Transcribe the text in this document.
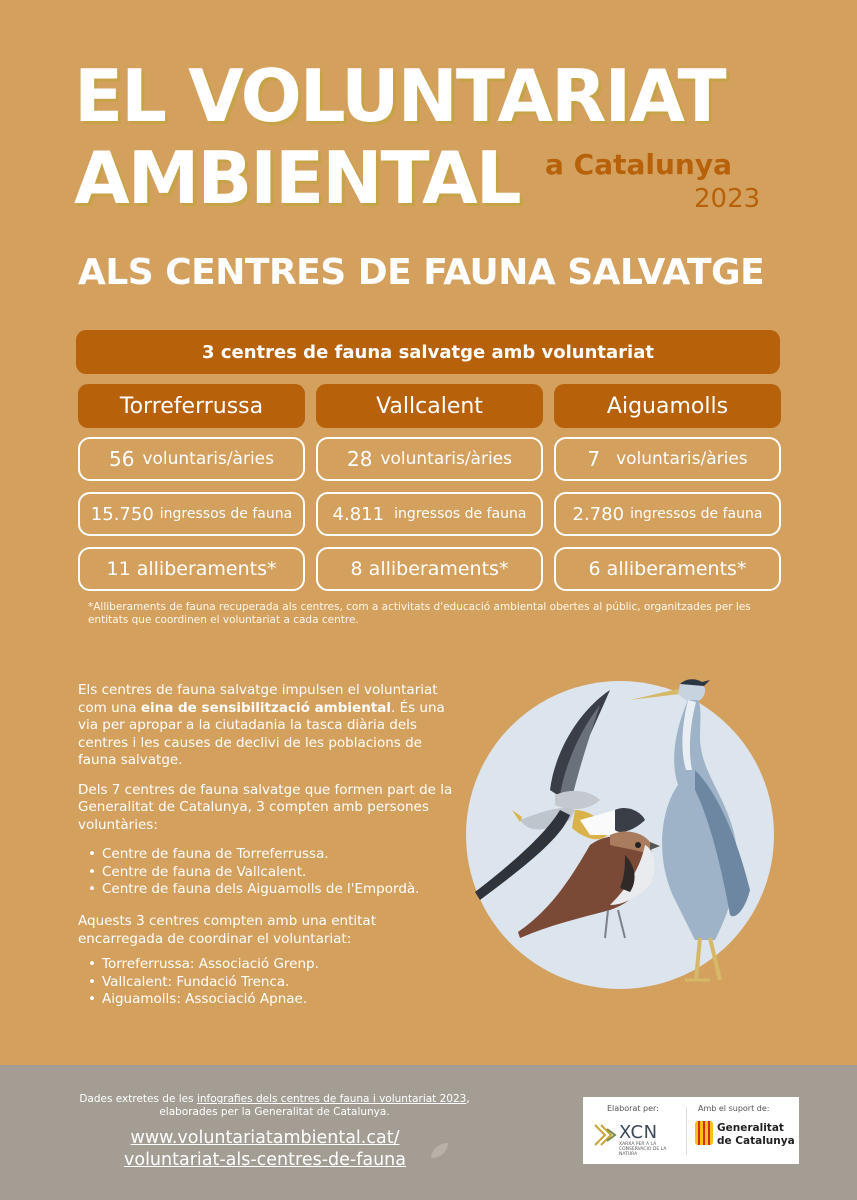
EL VOLUNTARIAT
AMBIENTAL a Catalunya
2023
ALS CENTRES DE FAUNA SALVATGE
3 centres de fauna salvatge amb voluntariat
Torreferrussa	Vallcalent	Aiguamolls
56 voluntaris/àries	28 voluntaris/àries	7 voluntaris/àries
15.750 ingressos de fauna 4.811 ingressos de fauna	2.780 ingressos de fauna
11 alliberaments*	8 alliberaments*	6 alliberaments*
*Alliberaments de fauna recuperada als centres, com a activitats d'educació ambiental obertes al públic, organitzades per les entitats que coordinen el voluntariat a cada centre.

Els centres de fauna salvatge impulsen el voluntariat com una eina de sensibilització ambiental. És una via per apropar a la ciutadania la tasca diària dels centres i les causes de declivi de les poblacions de fauna salvatge.

Dels 7 centres de fauna salvatge que formen part de la Generalitat de Catalunya, 3 compten amb persones voluntàries:

• Centre de fauna de Torreferrussa.
• Centre de fauna de Vallcalent.
• Centre de fauna dels Aiguamolls de l'Empordà.

Aquests 3 centres compten amb una entitat encarregada de coordinar el voluntariat:

• Torreferrussa: Associació Grenp.
• Vallcalent: Fundació Trenca.
• Aiguamolls: Associació Apnae.
Dades extretes de les infografies dels centres de fauna i voluntariat 2023, elaborades per la Generalitat de Catalunya.
www.voluntariatambiental.cat/
voluntariat-als-centres-de-fauna
Elaborat per:
XCN
XARXA PER A LA CONSERVACIÓ DE LA NATURA
Amb el suport de:
Generalitat
de Catalunya
